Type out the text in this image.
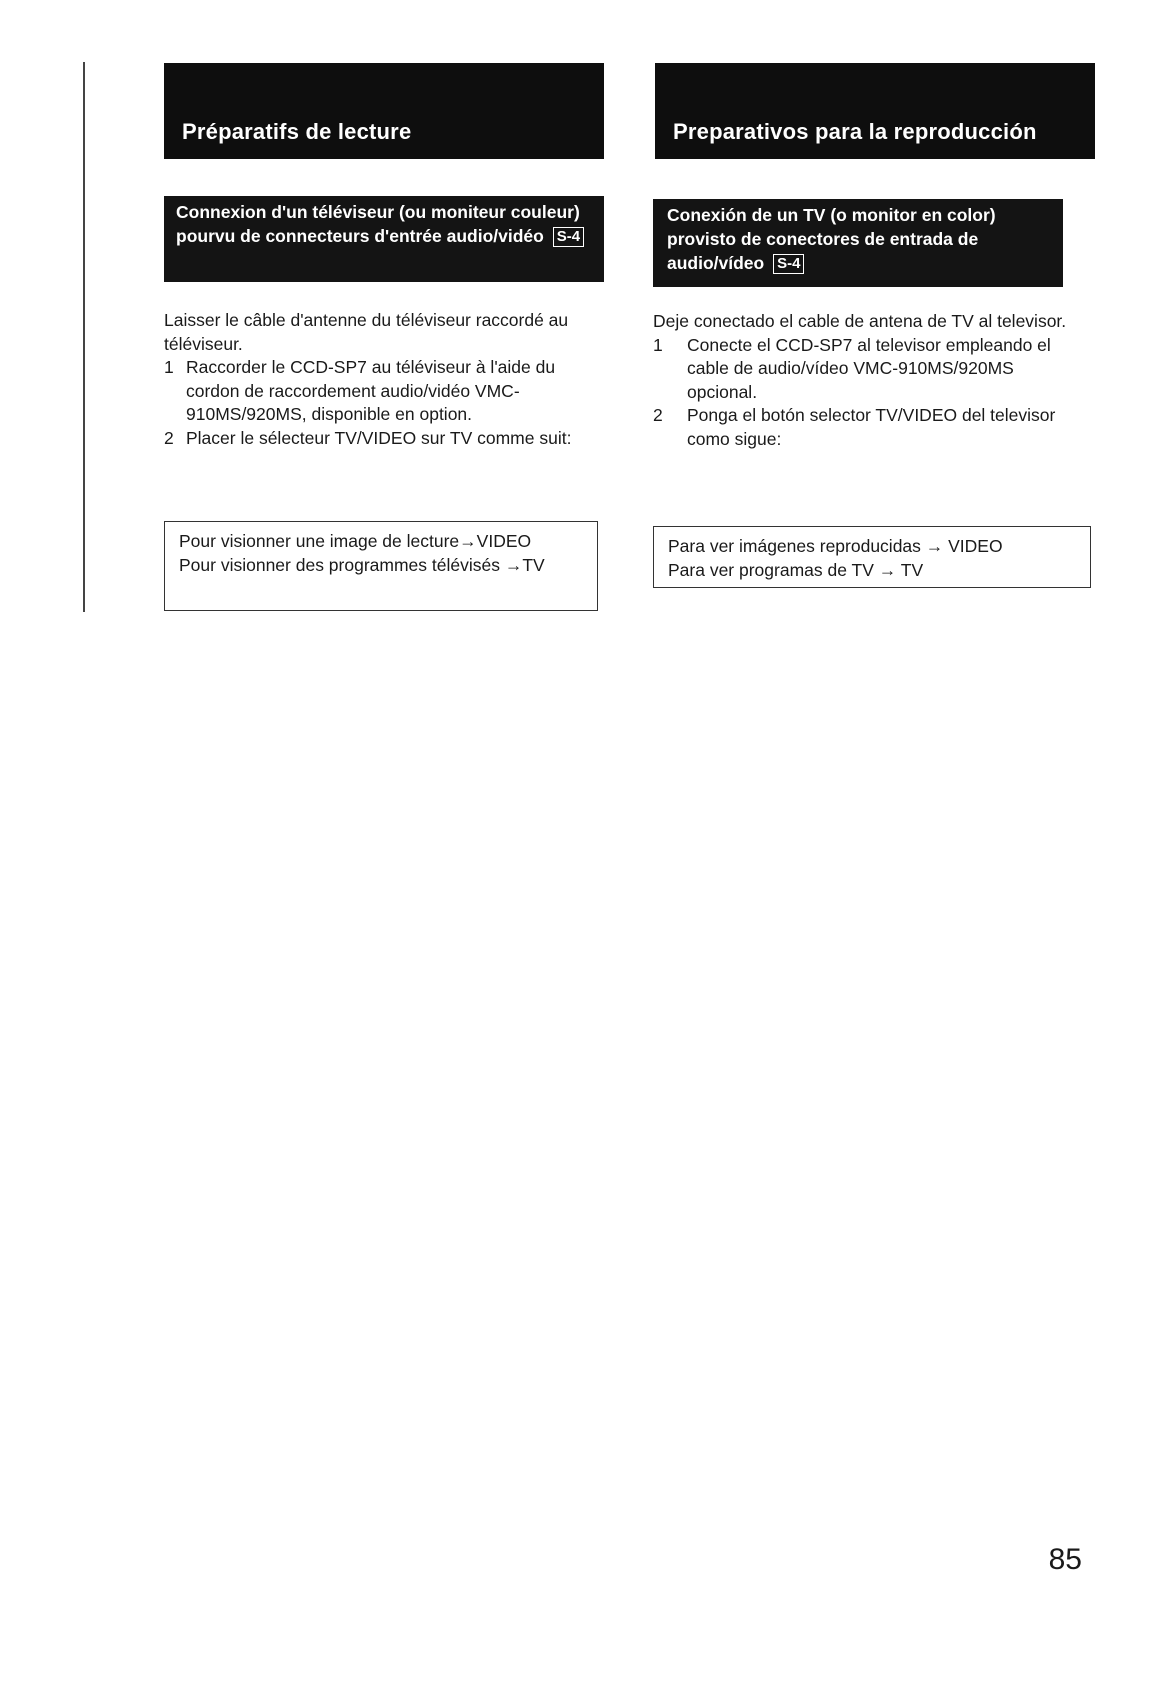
Préparatifs de lecture
Connexion d'un téléviseur (ou moniteur couleur) pourvu de connecteurs d'entrée audio/vidéo S-4
Laisser le câble d'antenne du téléviseur raccordé au téléviseur.
1 Raccorder le CCD-SP7 au téléviseur à l'aide du cordon de raccordement audio/vidéo VMC-910MS/920MS, disponible en option.
2 Placer le sélecteur TV/VIDEO sur TV comme suit:
Pour visionner une image de lecture→VIDEO
Pour visionner des programmes télévisés →TV
Preparativos para la reproducción
Conexión de un TV (o monitor en color) provisto de conectores de entrada de audio/vídeo S-4
Deje conectado el cable de antena de TV al televisor.
1	Conecte el CCD-SP7 al televisor empleando el cable de audio/vídeo VMC-910MS/920MS opcional.
2	Ponga el botón selector TV/VIDEO del televisor como sigue:
Para ver imágenes reproducidas → VIDEO
Para ver programas de TV → TV
85
